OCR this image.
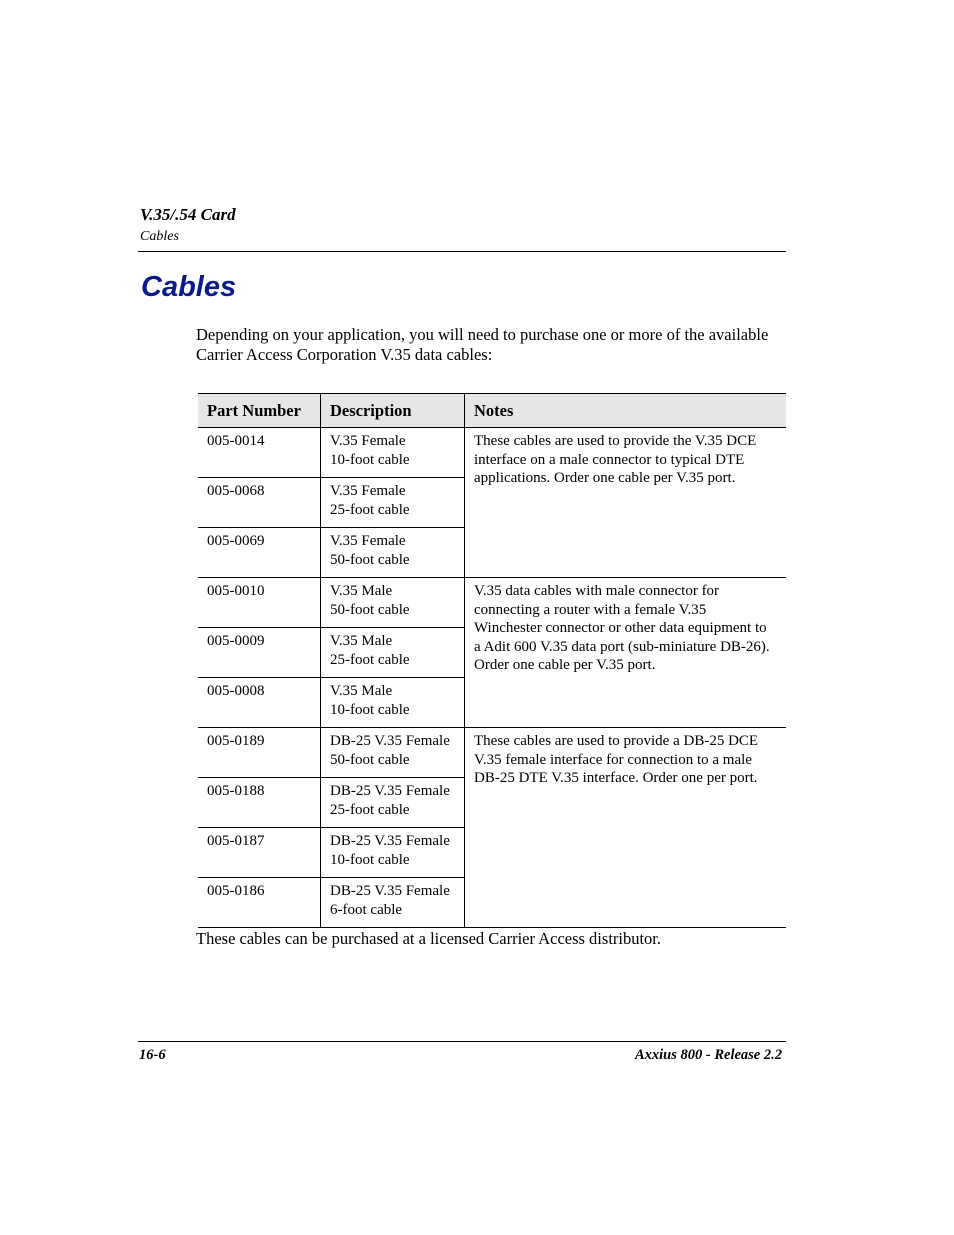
V.35/.54 Card
Cables
Cables

Depending on your application, you will need to purchase one or more of the available Carrier Access Corporation V.35 data cables:

Part Number	Description	Notes
005-0014	V.35 Female
10-foot cable	These cables are used to provide the V.35 DCE interface on a male connector to typical DTE applications. Order one cable per V.35 port.
005-0068	V.35 Female
25-foot cable	

005-0069	V.35 Female
50-foot cable	

005-0010	V.35 Male
50-foot cable	V.35 data cables with male connector for connecting a router with a female V.35 Winchester connector or other data equipment to a Adit 600 V.35 data port (sub-miniature DB-26). Order one cable per V.35 port.
005-0009	V.35 Male
25-foot cable	

005-0008	V.35 Male
10-foot cable	

005-0189	DB-25 V.35 Female
50-foot cable	These cables are used to provide a DB-25 DCE V.35 female interface for connection to a male DB-25 DTE V.35 interface. Order one per port.
005-0188	DB-25 V.35 Female
25-foot cable	

005-0187	DB-25 V.35 Female
10-foot cable	

005-0186	DB-25 V.35 Female
6-foot cable	

These cables can be purchased at a licensed Carrier Access distributor.

16-6	Axxius 800 - Release 2.2
